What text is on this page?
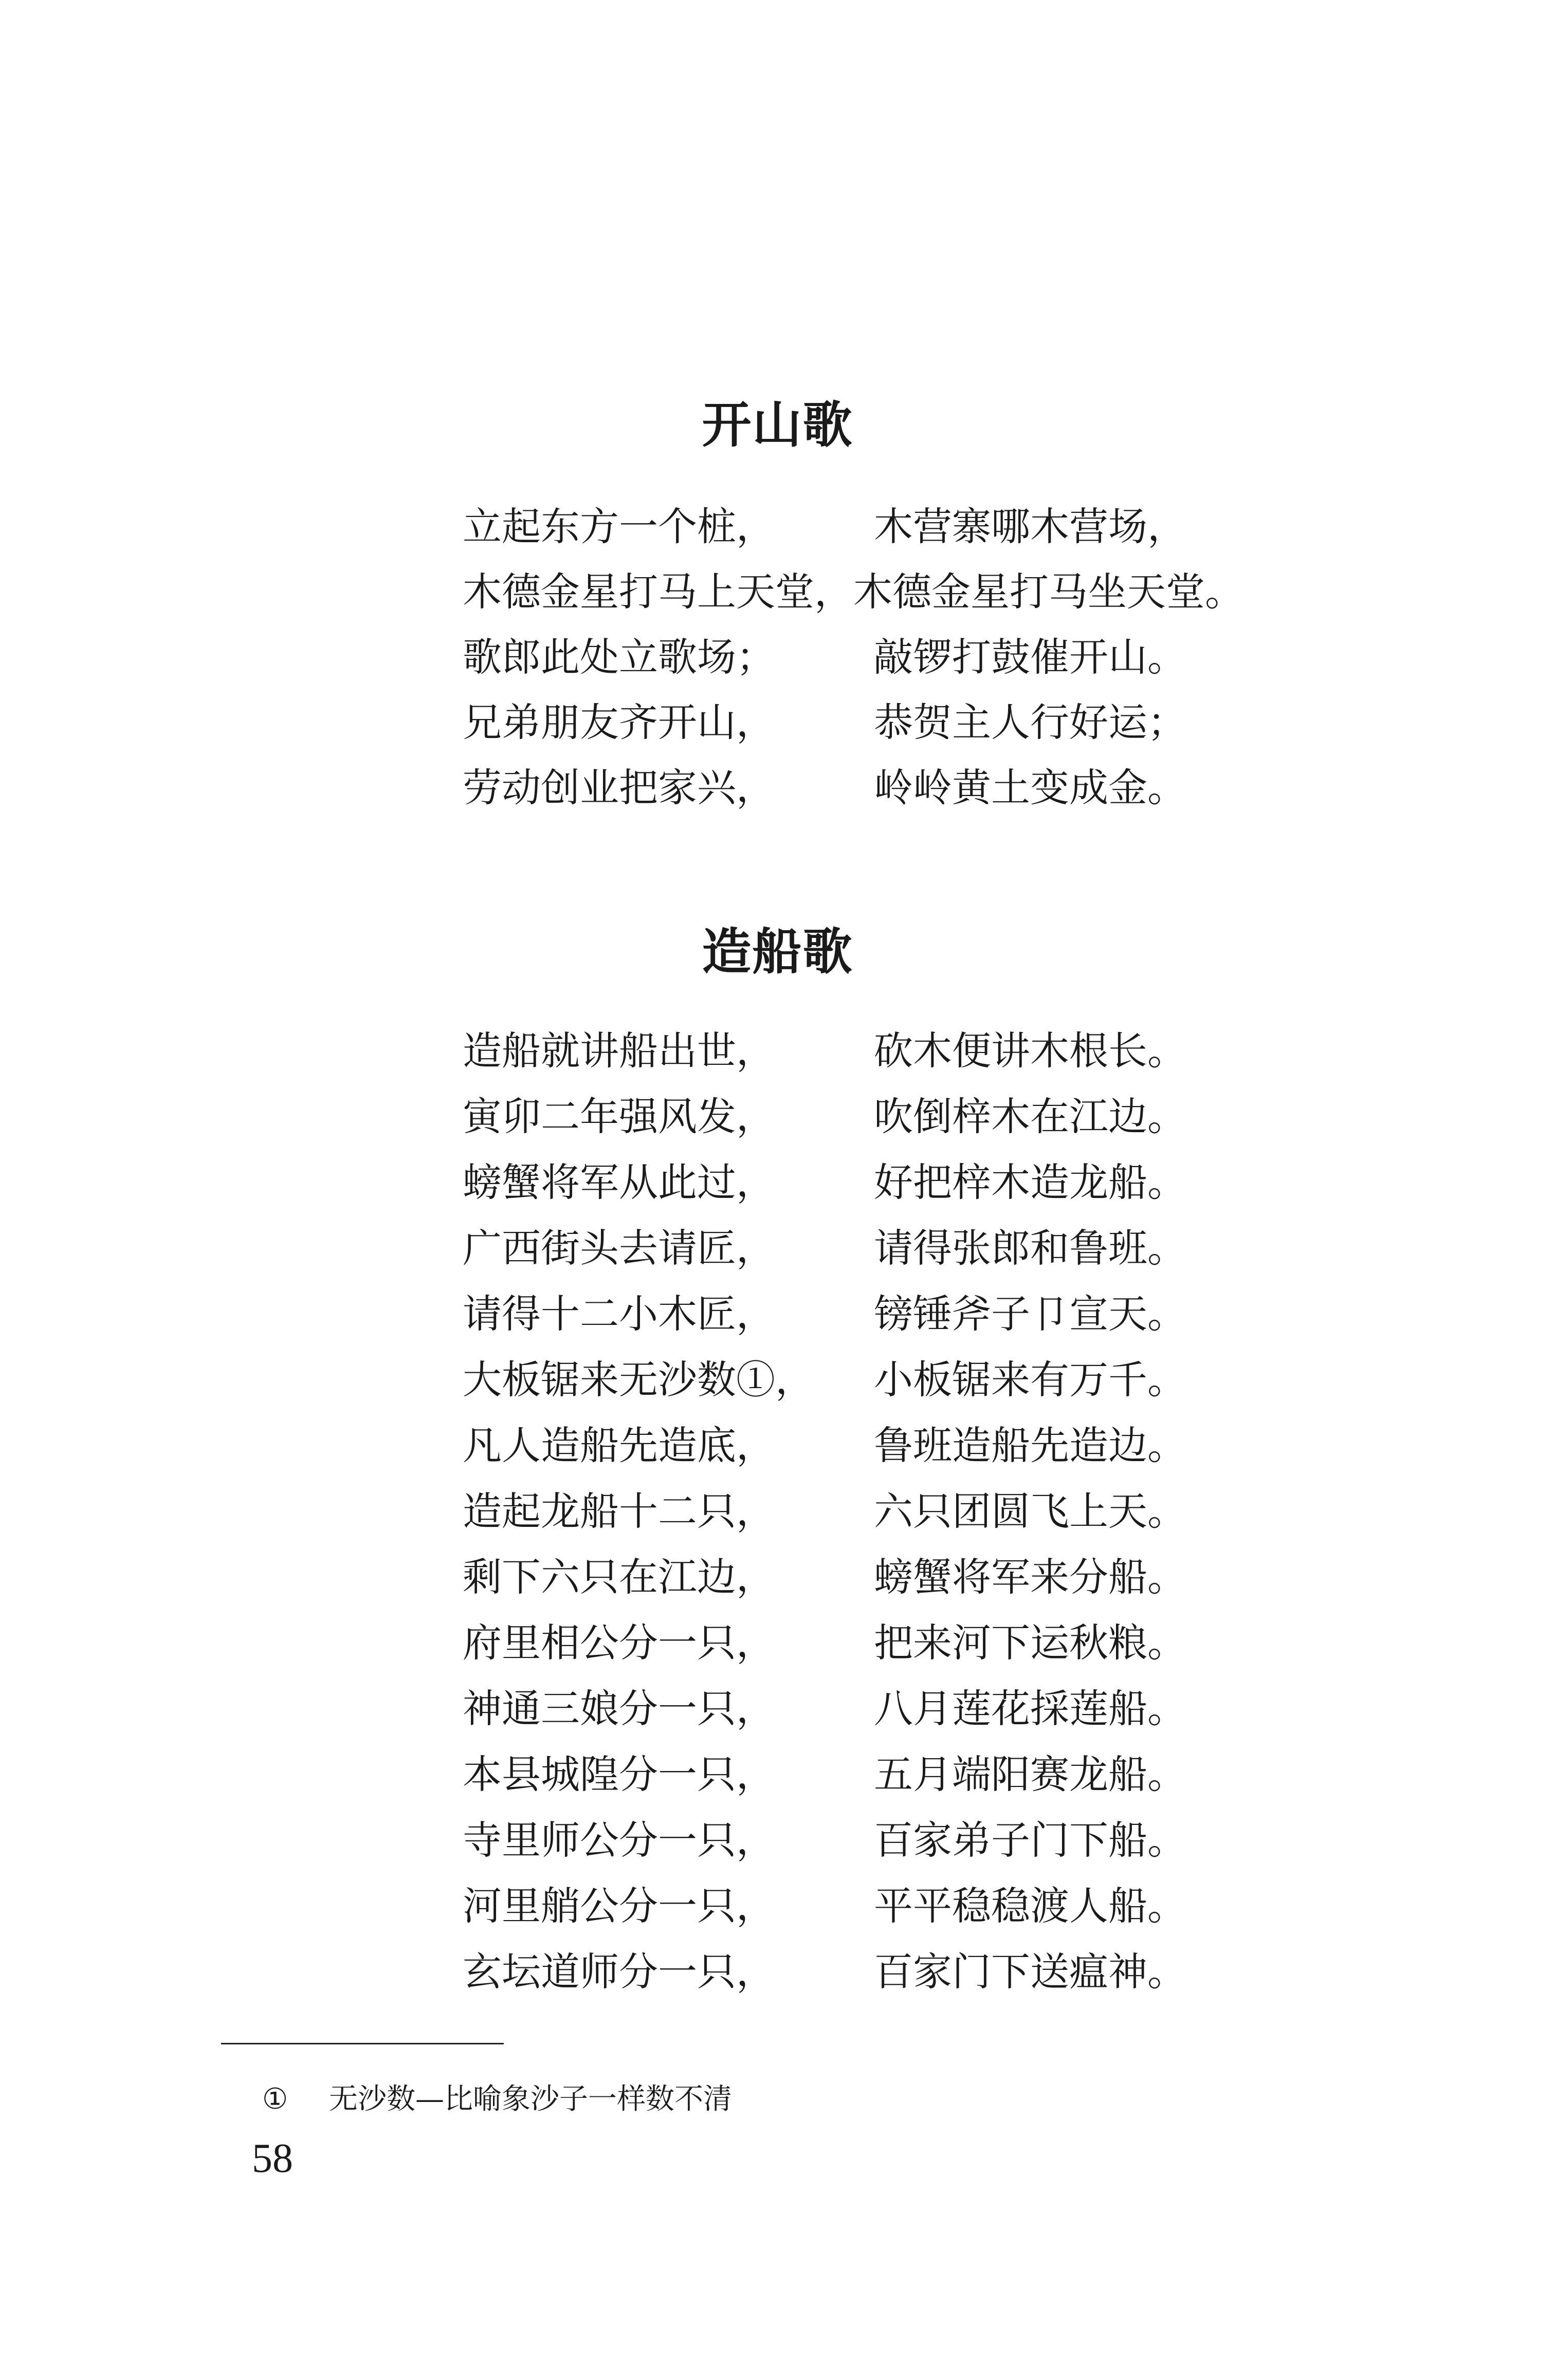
开山歌
立起东方一个桩，	木营寨哪木营场，
木德金星打马上天堂， 木德金星打马坐天堂。
歌郎此处立歌场；	敲锣打鼓催开山。
兄弟朋友齐开山，	恭贺主人行好运；
劳动创业把家兴，	岭岭黄土变成金。
造船歌
造船就讲船出世，	砍木便讲木根长。
寅卯二年强风发，	吹倒梓木在江边。
螃蟹将军从此过，	好把梓木造龙船。
广西街头去请匠，	请得张郎和鲁班。
请得十二小木匠，	镑锤斧子卩宣天。
大板锯来无沙数①， 小板锯来有万千。
凡人造船先造底，	鲁班造船先造边。
造起龙船十二只，	六只团圆飞上天。
剩下六只在江边，	螃蟹将军来分船。
府里相公分一只，	把来河下运秋粮。
神通三娘分一只，	八月莲花採莲船。
本县城隍分一只，	五月端阳赛龙船。
寺里师公分一只，	百家弟子门下船。
河里艄公分一只，	平平稳稳渡人船。
玄坛道师分一只，	百家门下送瘟神。
① 无沙数—比喻象沙子一样数不清
58
